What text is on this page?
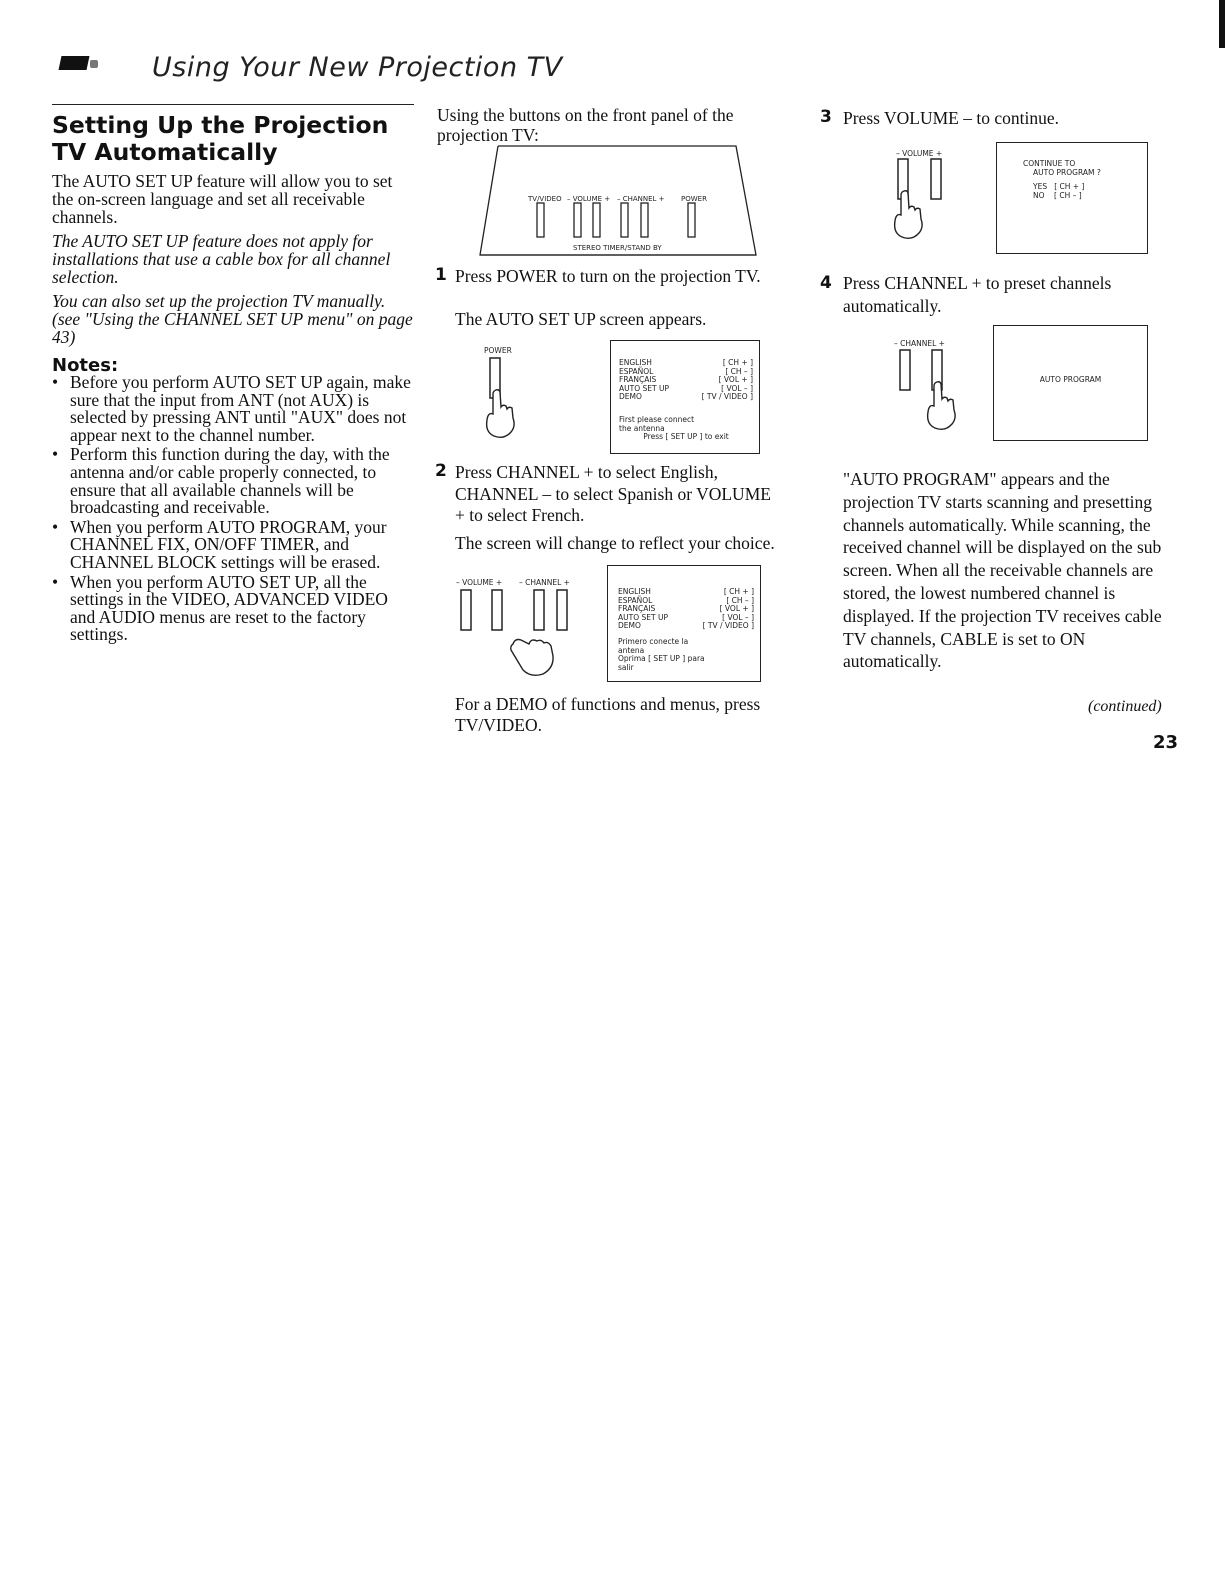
Using Your New Projection TV
Setting Up the Projection TV Automatically
The AUTO SET UP feature will allow you to set the on-screen language and set all receivable channels.
The AUTO SET UP feature does not apply for installations that use a cable box for all channel selection.
You can also set up the projection TV manually. (see "Using the CHANNEL SET UP menu" on page 43)
Notes:
• Before you perform AUTO SET UP again, make sure that the input from ANT (not AUX) is selected by pressing ANT until "AUX" does not appear next to the channel number.
• Perform this function during the day, with the antenna and/or cable properly connected, to ensure that all available channels will be broadcasting and receivable.
• When you perform AUTO PROGRAM, your CHANNEL FIX, ON/OFF TIMER, and CHANNEL BLOCK settings will be erased.
• When you perform AUTO SET UP, all the settings in the VIDEO, ADVANCED VIDEO and AUDIO menus are reset to the factory settings.
Using the buttons on the front panel of the projection TV:
TV/VIDEO – VOLUME + – CHANNEL + POWER
STEREO TIMER/STAND BY
1 Press POWER to turn on the projection TV.
The AUTO SET UP screen appears.
POWER
ENGLISH	[ CH + ]
ESPAÑOL	[ CH – ]
FRANÇAIS	[ VOL + ]
AUTO SET UP	[ VOL – ]
DEMO	[ TV / VIDEO ]
First please connect
the antenna
Press [ SET UP ] to exit
2 Press CHANNEL + to select English, CHANNEL – to select Spanish or VOLUME + to select French.
The screen will change to reflect your choice.
– VOLUME + – CHANNEL +
ENGLISH	[ CH + ]
ESPAÑOL	[ CH – ]
FRANÇAIS	[ VOL + ]
AUTO SET UP	[ VOL – ]
DEMO	[ TV / VIDEO ]
Primero conecte la
antena
Oprima [ SET UP ] para
salir
For a DEMO of functions and menus, press TV/VIDEO.
3 Press VOLUME – to continue.
– VOLUME +
CONTINUE TO
AUTO PROGRAM ?
YES   [ CH + ]
NO    [ CH – ]
4 Press CHANNEL + to preset channels automatically.
– CHANNEL +
AUTO PROGRAM
"AUTO PROGRAM" appears and the projection TV starts scanning and presetting channels automatically. While scanning, the received channel will be displayed on the sub screen. When all the receivable channels are stored, the lowest numbered channel is displayed. If the projection TV receives cable TV channels, CABLE is set to ON automatically.
(continued)
23
